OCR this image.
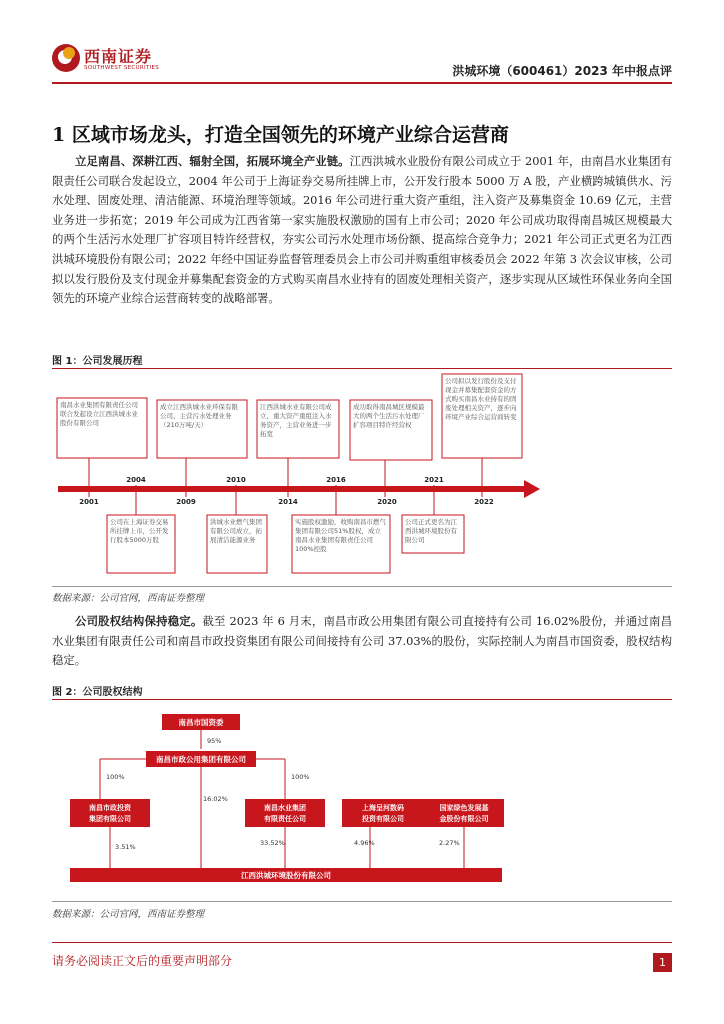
西南证券
SOUTHWEST SECURITIES	洪城环境（600461）2023 年中报点评
1 区域市场龙头，打造全国领先的环境产业综合运营商

立足南昌、深耕江西、辐射全国，拓展环境全产业链。江西洪城水业股份有限公司成立于 2001 年，由南昌水业集团有限责任公司联合发起设立，2004 年公司于上海证券交易所挂牌上市，公开发行股本 5000 万 A 股，产业横跨城镇供水、污水处理、固废处理、清洁能源、环境治理等领域。2016 年公司进行重大资产重组，注入资产及募集资金 10.69 亿元，主营业务进一步拓宽；2019 年公司成为江西省第一家实施股权激励的国有上市公司；2020 年公司成功取得南昌城区规模最大的两个生活污水处理厂扩容项目特许经营权，夯实公司污水处理市场份额、提高综合竞争力；2021 年公司正式更名为江西洪城环境股份有限公司；2022 年经中国证券监督管理委员会上市公司并购重组审核委员会 2022 年第 3 次会议审核，公司拟以发行股份及支付现金并募集配套资金的方式购买南昌水业持有的固废处理相关资产，逐步实现从区域性环保业务向全国领先的环境产业综合运营商转变的战略部署。

图 1：公司发展历程
南昌水业集团有限责任公司联合发起设立江西洪城水业股份有限公司
成立江西洪城水业环保有限公司，主营污水处理业务（210万吨/天）
江西洪城水业有限公司成立，重大资产重组注入水务资产，主营业务进一步拓宽
成功取得南昌城区规模最大的两个生活污水处理厂扩容项目特许经营权
公司拟以发行股份及支付现金并募集配套资金的方式购买南昌水业持有的固废处理相关资产，逐步向环境产业综合运营商转变
2001
2004
2009
2010
2014
2016
2020
2021
2022
公司在上海证券交易所挂牌上市，公开发行股本5000万股
洪城水业燃气集团有限公司成立，拓展清洁能源业务
实施股权激励，收购南昌市燃气集团有限公司51%股权，成立南昌水业集团有限责任公司100%控股
公司正式更名为江西洪城环境股份有限公司
数据来源：公司官网，西南证券整理

公司股权结构保持稳定。截至 2023 年 6 月末，南昌市政公用集团有限公司直接持有公司 16.02%股份，并通过南昌水业集团有限责任公司和南昌市政投资集团有限公司间接持有公司 37.03%的股份，实际控制人为南昌市国资委，股权结构稳定。

图 2：公司股权结构
南昌市国资委
95%
南昌市政公用集团有限公司
100%	100%
16.02%
南昌市政投资
集团有限公司
3.51%
南昌水业集团
有限责任公司
33.52%
上海呈河数码
投资有限公司
4.96%
国家绿色发展基
金股份有限公司
2.27%
江西洪城环境股份有限公司
数据来源：公司官网，西南证券整理
请务必阅读正文后的重要声明部分	1
